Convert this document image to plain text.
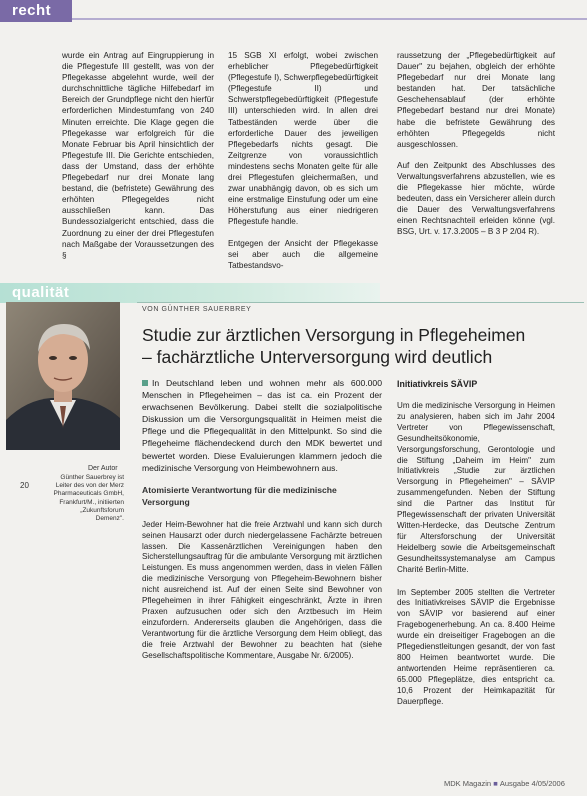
recht

wurde ein Antrag auf Eingruppierung in die Pflegestufe III gestellt, was von der Pflegekasse abgelehnt wurde, weil der durchschnittliche tägliche Hilfebedarf im Bereich der Grundpflege nicht den hierfür erforderlichen Mindestumfang von 240 Minuten erreichte. Die Klage gegen die Pflegekasse war erfolgreich für die Monate Februar bis April hinsichtlich der Pflegestufe III. Die Gerichte entschieden, dass der Umstand, dass der erhöhte Pflegebedarf nur drei Monate lang bestand, die (befristete) Gewährung des erhöhten Pflegegeldes nicht ausschließen kann. Das Bundessozialgericht entschied, dass die Zuordnung zu einer der drei Pflegestufen nach Maßgabe der Voraussetzungen des §

15 SGB XI erfolgt, wobei zwischen erheblicher Pflegebedürftigkeit (Pflegestufe I), Schwerpflegebedürftigkeit (Pflegestufe II) und Schwerstpflegebedürftigkeit (Pflegestufe III) unterschieden wird. In allen drei Tatbeständen werde über die erforderliche Dauer des jeweiligen Pflegebedarfs nichts gesagt. Die Zeitgrenze von voraussichtlich mindestens sechs Monaten gelte für alle drei Pflegestufen gleichermaßen, und zwar unabhängig davon, ob es sich um eine erstmalige Einstufung oder um eine Höherstufung aus einer niedrigeren Pflegestufe handle.

Entgegen der Ansicht der Pflegekasse sei aber auch die allgemeine Tatbestandsvo-

raussetzung der „Pflegebedürftigkeit auf Dauer" zu bejahen, obgleich der erhöhte Pflegebedarf nur drei Monate lang bestanden hat. Der tatsächliche Geschehensablauf (der erhöhte Pflegebedarf bestand nur drei Monate) habe die befristete Gewährung des erhöhten Pflegegelds nicht ausgeschlossen.

Auf den Zeitpunkt des Abschlusses des Verwaltungsverfahrens abzustellen, wie es die Pflegekasse hier möchte, würde bedeuten, dass ein Versicherer allein durch die Dauer des Verwaltungsverfahrens einen Rechtsnachteil erleiden könne (vgl. BSG, Urt. v. 17.3.2005 – B 3 P 2/04 R).

qualität
Der Autor
Günther Sauerbrey ist Leiter des von der Merz Pharmaceuticals GmbH, Frankfurt/M., initiierten „Zukunftsforum Demenz".
20
VON GÜNTHER SAUERBREY
Studie zur ärztlichen Versorgung in Pflegeheimen
– fachärztliche Unterversorgung wird deutlich
In Deutschland leben und wohnen mehr als 600.000 Menschen in Pflegeheimen – das ist ca. ein Prozent der erwachsenen Bevölkerung. Dabei stellt die sozialpolitische Diskussion um die Versorgungsqualität in Heimen meist die Pflege und die Pflegequalität in den Mittelpunkt. So sind die Pflegeheime flächendeckend durch den MDK bewertet und bewertet worden. Diese Evaluierungen klammern jedoch die medizinische Versorgung von Heimbewohnern aus.
Atomisierte Verantwortung für die medizinische Versorgung

Jeder Heim-Bewohner hat die freie Arztwahl und kann sich durch seinen Hausarzt oder durch niedergelassene Fachärzte betreuen lassen. Die Kassenärztlichen Vereinigungen haben den Sicherstellungsauftrag für die ambulante Versorgung mit ärztlichen Leistungen. Es muss angenommen werden, dass in vielen Fällen die medizinische Versorgung von Pflegeheim-Bewohnern bisher nicht ausreichend ist. Auf der einen Seite sind Bewohner von Pflegeheimen in ihrer Fähigkeit eingeschränkt, Ärzte in ihren Praxen aufzusuchen oder sich den Arztbesuch im Heim einzufordern. Andererseits glauben die Angehörigen, dass die Verantwortung für die ärztliche Versorgung dem Heim obliegt, das die freie Arztwahl der Bewohner zu beachten hat (siehe Gesellschaftspolitische Kommentare, Ausgabe Nr. 6/2005).

Initiativkreis SÄVIP

Um die medizinische Versorgung in Heimen zu analysieren, haben sich im Jahr 2004 Vertreter von Pflegewissenschaft, Gesundheitsökonomie, Versorgungsforschung, Gerontologie und die Stiftung „Daheim im Heim" zum Initiativkreis „Studie zur ärztlichen Versorgung in Pflegeheimen" – SÄVIP zusammengefunden. Neben der Stiftung sind die Partner das Institut für Pflegewissenschaft der privaten Universität Witten-Herdecke, das Deutsche Zentrum für Altersforschung der Universität Heidelberg sowie die Arbeitsgemeinschaft Gesundheitssystemanalyse am Campus Charité Berlin-Mitte.

Im September 2005 stellten die Vertreter des Initiativkreises SÄVIP die Ergebnisse von SÄVIP vor basierend auf einer Fragebogenerhebung. An ca. 8.400 Heime wurde ein dreiseitiger Fragebogen an die Pflegedienstleitungen gesandt, der von fast 800 Heimen beantwortet wurde. Die antwortenden Heime repräsentieren ca. 65.000 Pflegeplätze, dies entspricht ca. 10,6 Prozent der Heimkapazität für Dauerpflege.

MDK Magazin ■ Ausgabe 4/05/2006
